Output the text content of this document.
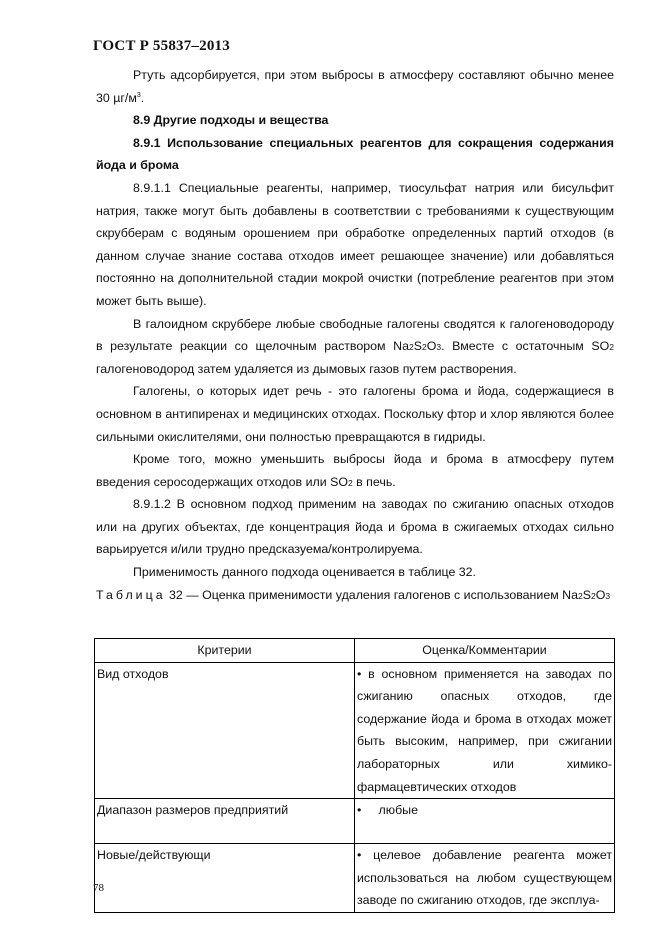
ГОСТ Р 55837–2013

Ртуть адсорбируется, при этом выбросы в атмосферу составляют обычно менее 30 $\mu г/м^3$.

8.9 Другие подходы и вещества

8.9.1 Использование специальных реагентов для сокращения содержания йода и брома

8.9.1.1 Специальные реагенты, например, тиосульфат натрия или бисульфит натрия, также могут быть добавлены в соответствии с требованиями к существующим скрубберам с водяным орошением при обработке определенных партий отходов (в данном случае знание состава отходов имеет решающее значение) или добавляться постоянно на дополнительной стадии мокрой очистки (потребление реагентов при этом может быть выше).

В галоидном скруббере любые свободные галогены сводятся к галогеноводороду в результате реакции со щелочным раствором Na2S2O3. Вместе с остаточным SO2 галогеноводород затем удаляется из дымовых газов путем растворения.

Галогены, о которых идет речь - это галогены брома и йода, содержащиеся в основном в антипиренах и медицинских отходах. Поскольку фтор и хлор являются более сильными окислителями, они полностью превращаются в гидриды.

Кроме того, можно уменьшить выбросы йода и брома в атмосферу путем введения серосодержащих отходов или SO2 в печь.

8.9.1.2 В основном подход применим на заводах по сжиганию опасных отходов или на других объектах, где концентрация йода и брома в сжигаемых отходах сильно варьируется и/или трудно предсказуема/контролируема.

Применимость данного подхода оценивается в таблице 32.

Таблица 32 — Оценка применимости удаления галогенов с использованием Na2S2O3

Критерии	Оценка/Комментарии
Вид отходов	• в основном применяется на заводах по сжиганию опасных отходов, где содержание йода и брома в отходах может быть высоким, например, при сжигании лабораторных или химико-фармацевтических отходов
Диапазон размеров предприятий	•     любые
Новые/действующи	• целевое добавление реагента может использоваться на любом существующем заводе по сжиганию отходов, где эксплуа-
78
